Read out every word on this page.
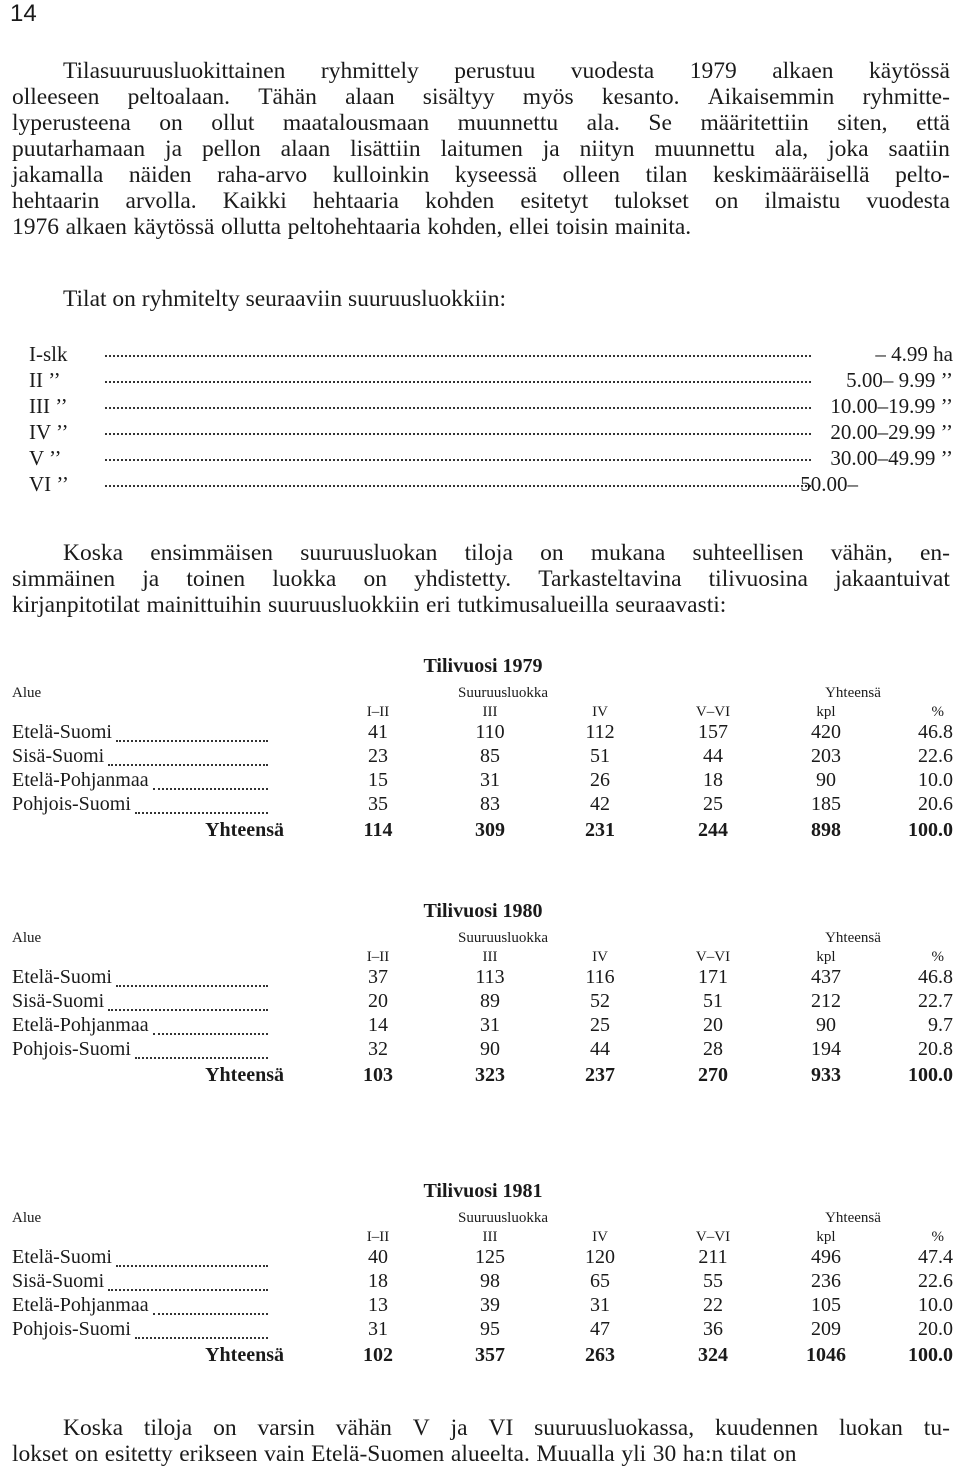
14
Tilasuuruusluokittainen ryhmittely perustuu vuodesta 1979 alkaen käytössä
olleeseen peltoalaan. Tähän alaan sisältyy myös kesanto. Aikaisemmin ryhmitte-
lyperusteena on ollut maatalousmaan muunnettu ala. Se määritettiin siten, että
puutarhamaan ja pellon alaan lisättiin laitumen ja niityn muunnettu ala, joka saatiin
jakamalla näiden raha-arvo kulloinkin kyseessä olleen tilan keskimääräisellä pelto-
hehtaarin arvolla. Kaikki hehtaaria kohden esitetyt tulokset on ilmaistu vuodesta
1976 alkaen käytössä ollutta peltohehtaaria kohden, ellei toisin mainita.
Tilat on ryhmitelty seuraaviin suuruusluokkiin:
I-slk	– 4.99 ha
II ’’	5.00– 9.99 ’’
III ’’	10.00–19.99 ’’
IV ’’	20.00–29.99 ’’
V ’’	30.00–49.99 ’’
VI ’’	50.00–
Koska ensimmäisen suuruusluokan tiloja on mukana suhteellisen vähän, en-
simmäinen ja toinen luokka on yhdistetty. Tarkasteltavina tilivuosina jakaantuivat
kirjanpitotilat mainittuihin suuruusluokkiin eri tutkimusalueilla seuraavasti:
Tilivuosi 1979
Alue	Suuruusluokka	Yhteensä
I–II	III	IV	V–VI	kpl	%
Etelä-Suomi	41	110	112	157	420	46.8
Sisä-Suomi	23	85	51	44	203	22.6
Etelä-Pohjanmaa	15	31	26	18	90	10.0
Pohjois-Suomi	35	83	42	25	185	20.6
Yhteensä	114	309	231	244	898	100.0
Tilivuosi 1980
Alue	Suuruusluokka	Yhteensä
I–II	III	IV	V–VI	kpl	%
Etelä-Suomi	37	113	116	171	437	46.8
Sisä-Suomi	20	89	52	51	212	22.7
Etelä-Pohjanmaa	14	31	25	20	90	9.7
Pohjois-Suomi	32	90	44	28	194	20.8
Yhteensä	103	323	237	270	933	100.0
Tilivuosi 1981
Alue	Suuruusluokka	Yhteensä
I–II	III	IV	V–VI	kpl	%
Etelä-Suomi	40	125	120	211	496	47.4
Sisä-Suomi	18	98	65	55	236	22.6
Etelä-Pohjanmaa	13	39	31	22	105	10.0
Pohjois-Suomi	31	95	47	36	209	20.0
Yhteensä	102	357	263	324	1046	100.0
Koska tiloja on varsin vähän V ja VI suuruusluokassa, kuudennen luokan tu-
lokset on esitetty erikseen vain Etelä-Suomen alueelta. Muualla yli 30 ha:n tilat on
